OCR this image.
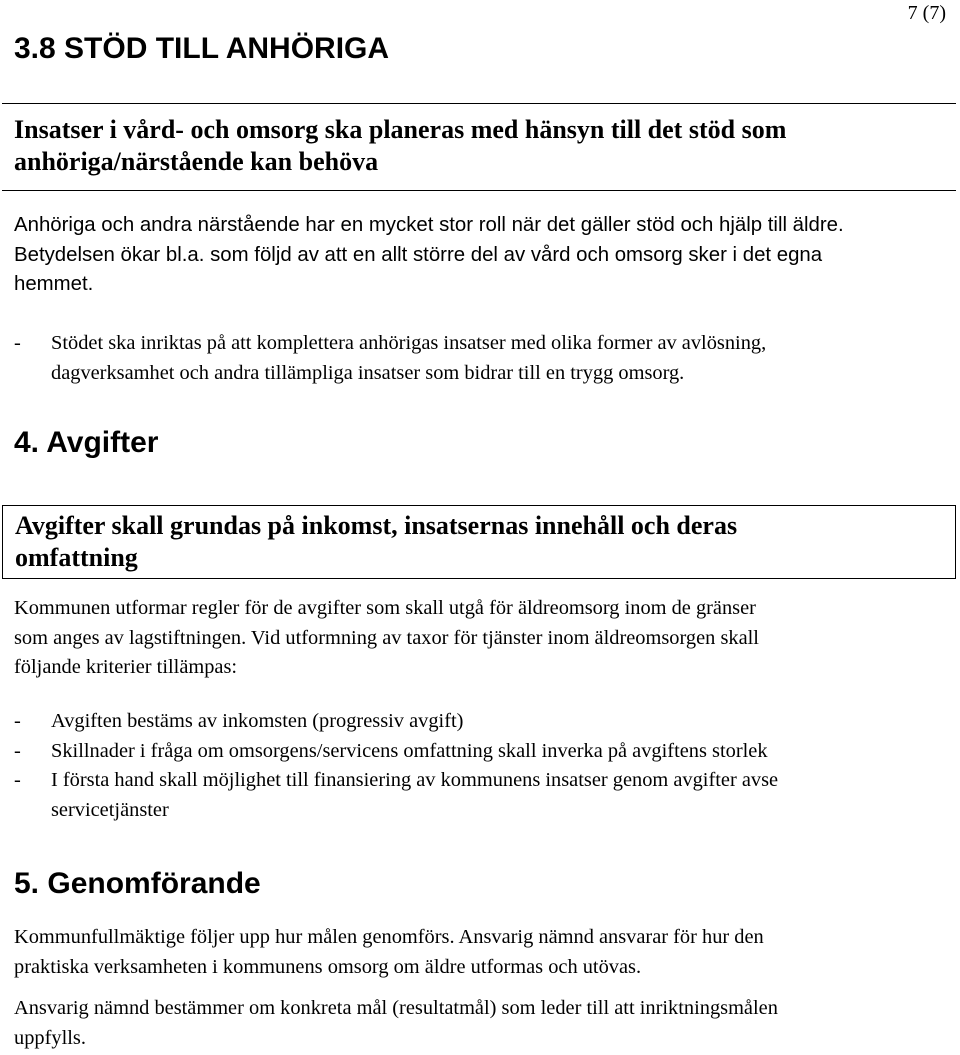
7 (7)
3.8 STÖD TILL ANHÖRIGA
Insatser i vård- och omsorg ska planeras med hänsyn till det stöd som
anhöriga/närstående kan behöva
Anhöriga och andra närstående har en mycket stor roll när det gäller stöd och hjälp till äldre.
Betydelsen ökar bl.a. som följd av att en allt större del av vård och omsorg sker i det egna
hemmet.
- Stödet ska inriktas på att komplettera anhörigas insatser med olika former av avlösning,
dagverksamhet och andra tillämpliga insatser som bidrar till en trygg omsorg.
4. Avgifter
Avgifter skall grundas på inkomst, insatsernas innehåll och deras
omfattning
Kommunen utformar regler för de avgifter som skall utgå för äldreomsorg inom de gränser
som anges av lagstiftningen. Vid utformning av taxor för tjänster inom äldreomsorgen skall
följande kriterier tillämpas:
- Avgiften bestäms av inkomsten (progressiv avgift)
- Skillnader i fråga om omsorgens/servicens omfattning skall inverka på avgiftens storlek
- I första hand skall möjlighet till finansiering av kommunens insatser genom avgifter avse
servicetjänster
5. Genomförande
Kommunfullmäktige följer upp hur målen genomförs. Ansvarig nämnd ansvarar för hur den
praktiska verksamheten i kommunens omsorg om äldre utformas och utövas.
Ansvarig nämnd bestämmer om konkreta mål (resultatmål) som leder till att inriktningsmålen
uppfylls.
